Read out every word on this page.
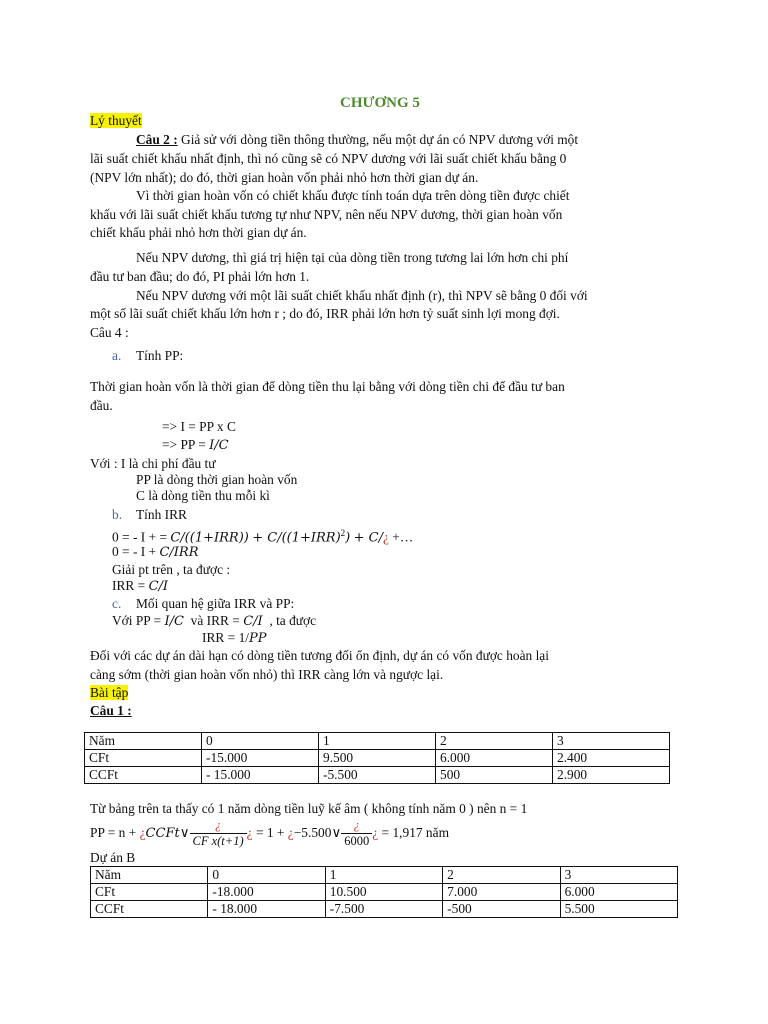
CHƯƠNG 5
Lý thuyết
Câu 2 : Giả sử với dòng tiền thông thường, nếu một dự án có NPV dương với một
lãi suất chiết khấu nhất định, thì nó cũng sẽ có NPV dương với lãi suất chiết khấu bằng 0
(NPV lớn nhất); do đó, thời gian hoàn vốn phải nhỏ hơn thời gian dự án.
Vì thời gian hoàn vốn có chiết khấu được tính toán dựa trên dòng tiền được chiết
khấu với lãi suất chiết khấu tương tự như NPV, nên nếu NPV dương, thời gian hoàn vốn
chiết khấu phải nhỏ hơn thời gian dự án.
Nếu NPV dương, thì giá trị hiện tại của dòng tiền trong tương lai lớn hơn chi phí
đầu tư ban đầu; do đó, PI phải lớn hơn 1.
Nếu NPV dương với một lãi suất chiết khấu nhất định (r), thì NPV sẽ bằng 0 đối với
một số lãi suất chiết khấu lớn hơn r ; do đó, IRR phải lớn hơn tỷ suất sinh lợi mong đợi.
Câu 4 :
a. Tính PP:
Thời gian hoàn vốn là thời gian để dòng tiền thu lại bằng với dòng tiền chi để đầu tư ban
đầu.
=> I = PP x C
=> PP = I/C
Với : I là chi phí đầu tư
PP là dòng thời gian hoàn vốn
C là dòng tiền thu mỗi kì
b. Tính IRR
0 = - I + = $C/((1+IRR)) + C/((1+IRR)^2)$ + C/¿ +…
0 = - I + C/IRR
Giải pt trên , ta được :
IRR = C/I
c. Mối quan hệ giữa IRR và PP:
Với PP = I/C và IRR = C/I , ta được
IRR = 1/PP
Đối với các dự án dài hạn có dòng tiền tương đối ổn định, dự án có vốn được hoàn lại
càng sớm (thời gian hoàn vốn nhỏ) thì IRR càng lớn và ngược lại.
Bài tập
Câu 1 :
Năm	0	1	2	3
CFt	-15.000	9.500	6.000	2.400
CCFt	- 15.000	-5.500	500	2.900
Từ bảng trên ta thấy có 1 năm dòng tiền luỹ kế âm ( không tính năm 0 ) nên n = 1
PP = n + ¿CCFt∨ $\frac{¿}{\text{CF x(t+1)}}$ ¿ = 1 + ¿−5.500∨ $\frac{¿}{6000}$ ¿ = 1,917 năm
Dự án B
Năm	0	1	2	3
CFt	-18.000	10.500	7.000	6.000
CCFt	- 18.000	-7.500	-500	5.500
